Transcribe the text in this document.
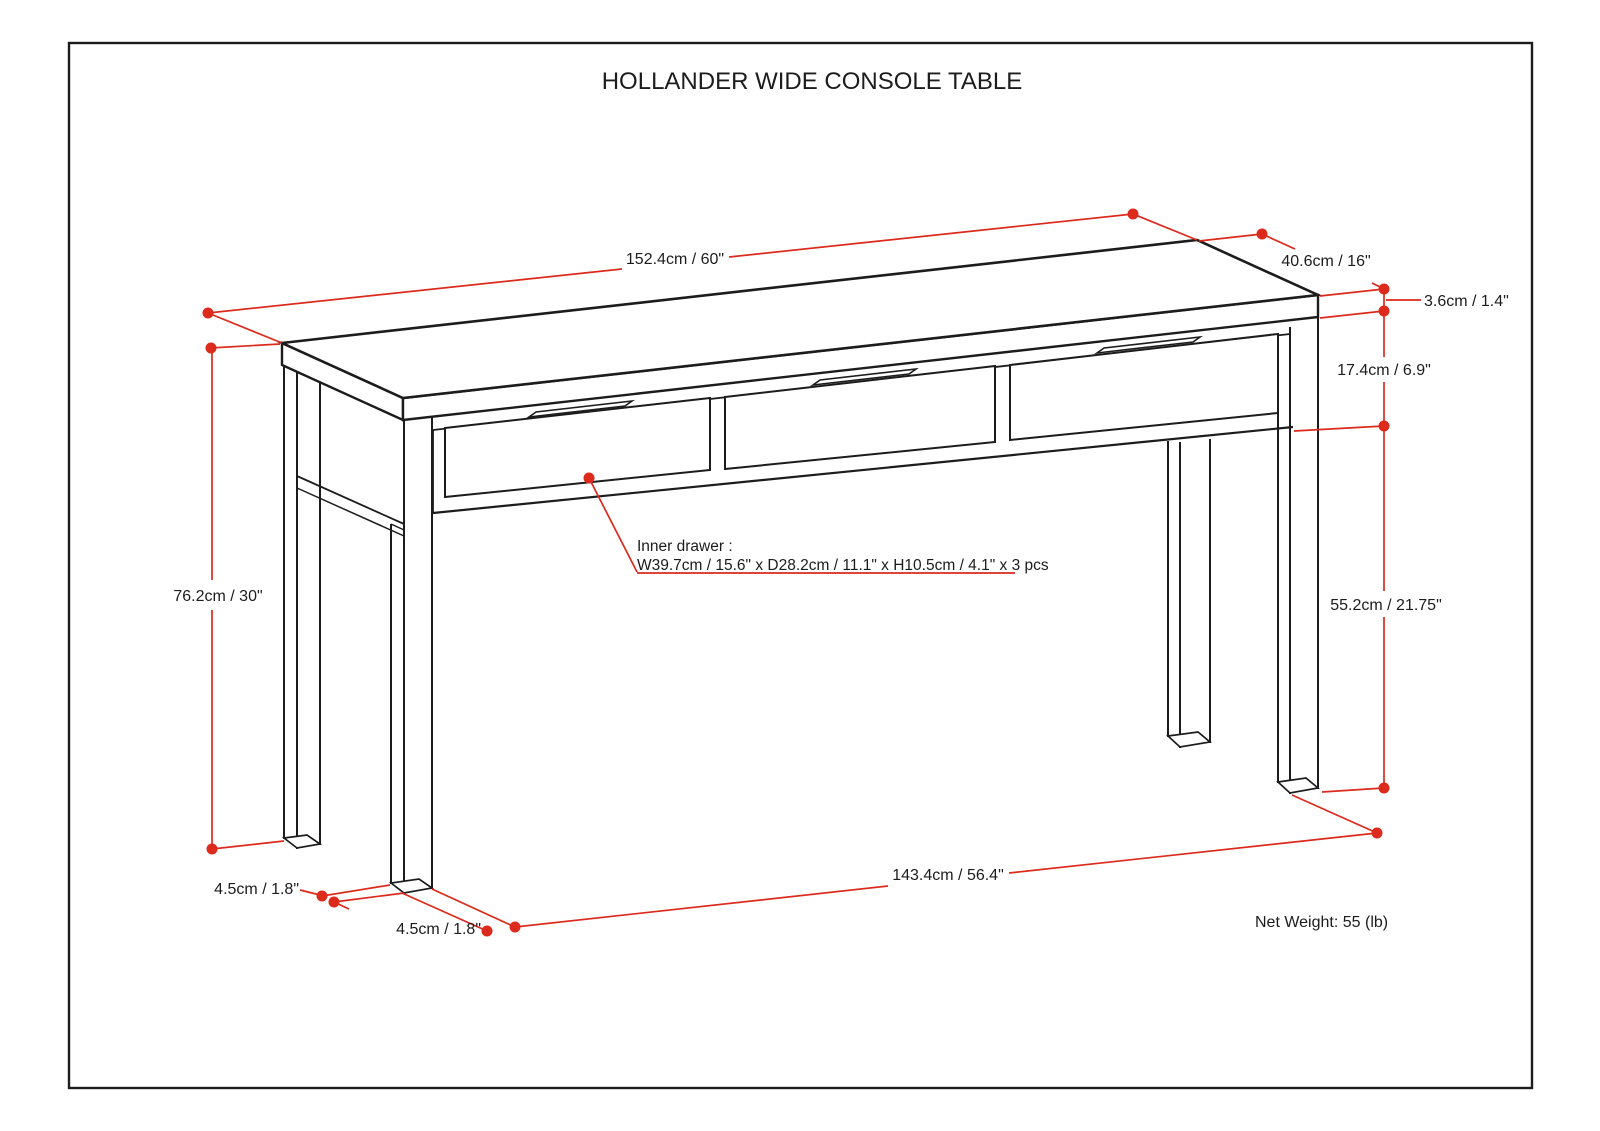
HOLLANDER WIDE CONSOLE TABLE
152.4cm / 60"
76.2cm / 30"
40.6cm / 16"
3.6cm / 1.4"
17.4cm / 6.9"
55.2cm / 21.75"
4.5cm / 1.8"
4.5cm / 1.8"
143.4cm / 56.4"
Inner drawer :
W39.7cm / 15.6" x D28.2cm / 11.1" x H10.5cm / 4.1" x 3 pcs
Net Weight: 55 (lb)
